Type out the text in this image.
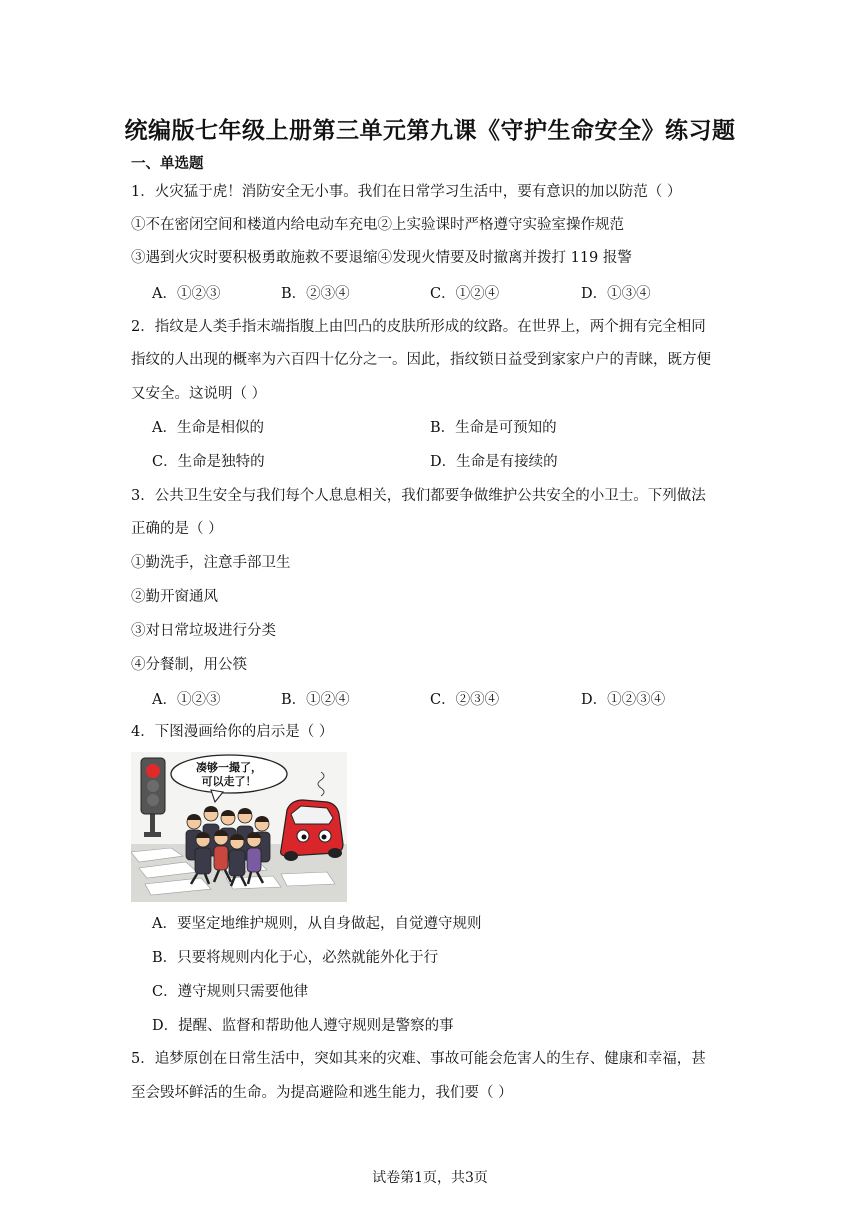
统编版七年级上册第三单元第九课《守护生命安全》练习题
一、单选题
1．火灾猛于虎！消防安全无小事。我们在日常学习生活中，要有意识的加以防范（ ）
①不在密闭空间和楼道内给电动车充电②上实验课时严格遵守实验室操作规范
③遇到火灾时要积极勇敢施救不要退缩④发现火情要及时撤离并拨打 119 报警
A．①②③	B．②③④	C．①②④	D．①③④
2．指纹是人类手指末端指腹上由凹凸的皮肤所形成的纹路。在世界上，两个拥有完全相同
指纹的人出现的概率为六百四十亿分之一。因此，指纹锁日益受到家家户户的青睐，既方便
又安全。这说明（ ）
A．生命是相似的	B．生命是可预知的
C．生命是独特的	D．生命是有接续的
3．公共卫生安全与我们每个人息息相关，我们都要争做维护公共安全的小卫士。下列做法
正确的是（ ）
①勤洗手，注意手部卫生
②勤开窗通风
③对日常垃圾进行分类
④分餐制，用公筷
A．①②③	B．①②④	C．②③④	D．①②③④
4．下图漫画给你的启示是（ ）
凑够一撮了，
可以走了！
A．要坚定地维护规则，从自身做起，自觉遵守规则
B．只要将规则内化于心，必然就能外化于行
C．遵守规则只需要他律
D．提醒、监督和帮助他人遵守规则是警察的事
5．追梦原创在日常生活中，突如其来的灾难、事故可能会危害人的生存、健康和幸福，甚
至会毁坏鲜活的生命。为提高避险和逃生能力，我们要（ ）
试卷第1页，共3页
